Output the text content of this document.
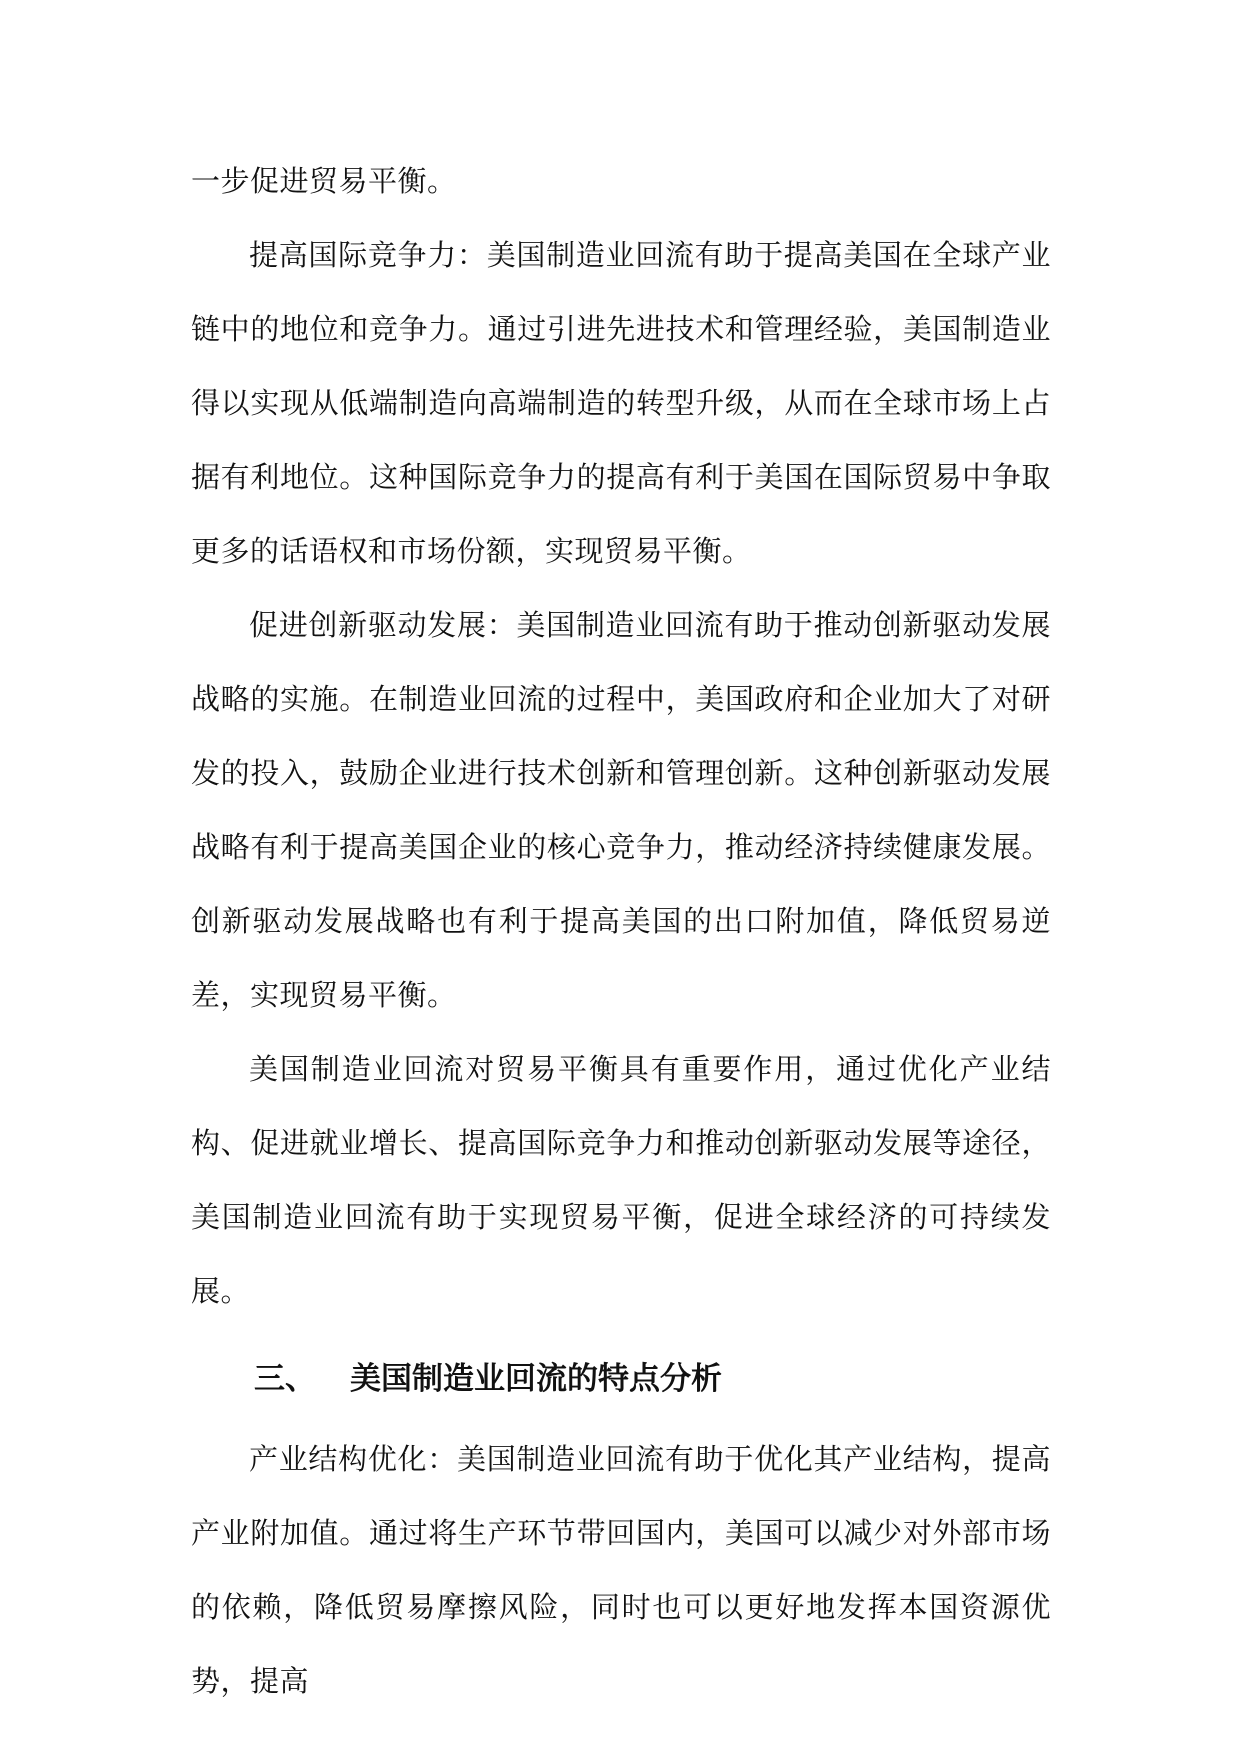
一步促进贸易平衡。

提高国际竞争力：美国制造业回流有助于提高美国在全球产业链中的地位和竞争力。通过引进先进技术和管理经验，美国制造业得以实现从低端制造向高端制造的转型升级，从而在全球市场上占据有利地位。这种国际竞争力的提高有利于美国在国际贸易中争取更多的话语权和市场份额，实现贸易平衡。

促进创新驱动发展：美国制造业回流有助于推动创新驱动发展战略的实施。在制造业回流的过程中，美国政府和企业加大了对研发的投入，鼓励企业进行技术创新和管理创新。这种创新驱动发展战略有利于提高美国企业的核心竞争力，推动经济持续健康发展。创新驱动发展战略也有利于提高美国的出口附加值，降低贸易逆差，实现贸易平衡。

美国制造业回流对贸易平衡具有重要作用，通过优化产业结构、促进就业增长、提高国际竞争力和推动创新驱动发展等途径，美国制造业回流有助于实现贸易平衡，促进全球经济的可持续发展。

三、 美国制造业回流的特点分析

产业结构优化：美国制造业回流有助于优化其产业结构，提高产业附加值。通过将生产环节带回国内，美国可以减少对外部市场的依赖，降低贸易摩擦风险，同时也可以更好地发挥本国资源优势，提高
